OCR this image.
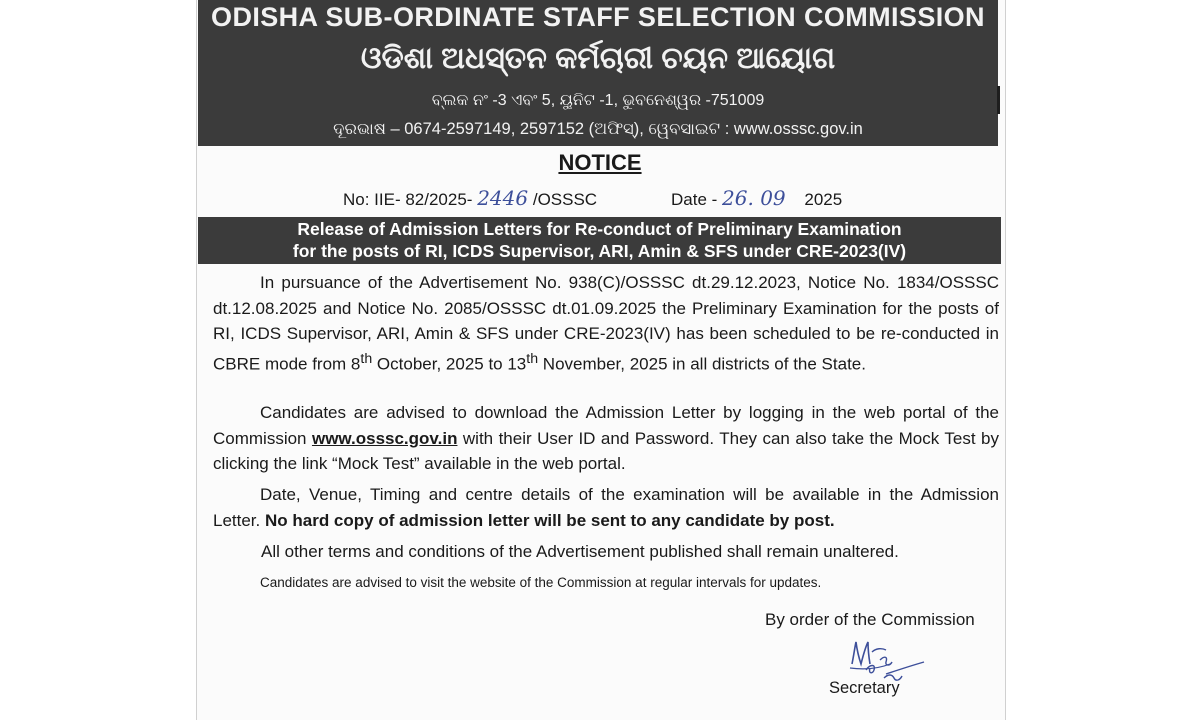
ODISHA SUB-ORDINATE STAFF SELECTION COMMISSION
ଓଡିଶା ଅଧସ୍ତନ କର୍ମଚାରୀ ଚୟନ ଆୟୋଗ
ବ୍ଲକ ନଂ -3 ଏବଂ 5, ୟୁନିଟ -1, ଭୁବନେଶ୍ୱର -751009
ଦୂରଭାଷ – 0674-2597149, 2597152 (ଅଫିସ୍), ୱେବସାଇଟ : www.osssc.gov.in
NOTICE
No: IIE- 82/2025- 2446 /OSSSC	Date - 26. 09 2025
Release of Admission Letters for Re-conduct of Preliminary Examination
for the posts of RI, ICDS Supervisor, ARI, Amin & SFS under CRE-2023(IV)

In pursuance of the Advertisement No. 938(C)/OSSSC dt.29.12.2023, Notice No. 1834/OSSSC dt.12.08.2025 and Notice No. 2085/OSSSC dt.01.09.2025 the Preliminary Examination for the posts of RI, ICDS Supervisor, ARI, Amin & SFS under CRE-2023(IV) has been scheduled to be re-conducted in CBRE mode from 8th October, 2025 to 13th November, 2025 in all districts of the State.

Candidates are advised to download the Admission Letter by logging in the web portal of the Commission www.osssc.gov.in with their User ID and Password. They can also take the Mock Test by clicking the link “Mock Test” available in the web portal.

Date, Venue, Timing and centre details of the examination will be available in the Admission Letter. No hard copy of admission letter will be sent to any candidate by post.

All other terms and conditions of the Advertisement published shall remain unaltered.
Candidates are advised to visit the website of the Commission at regular intervals for updates.
By order of the Commission
Secretary
